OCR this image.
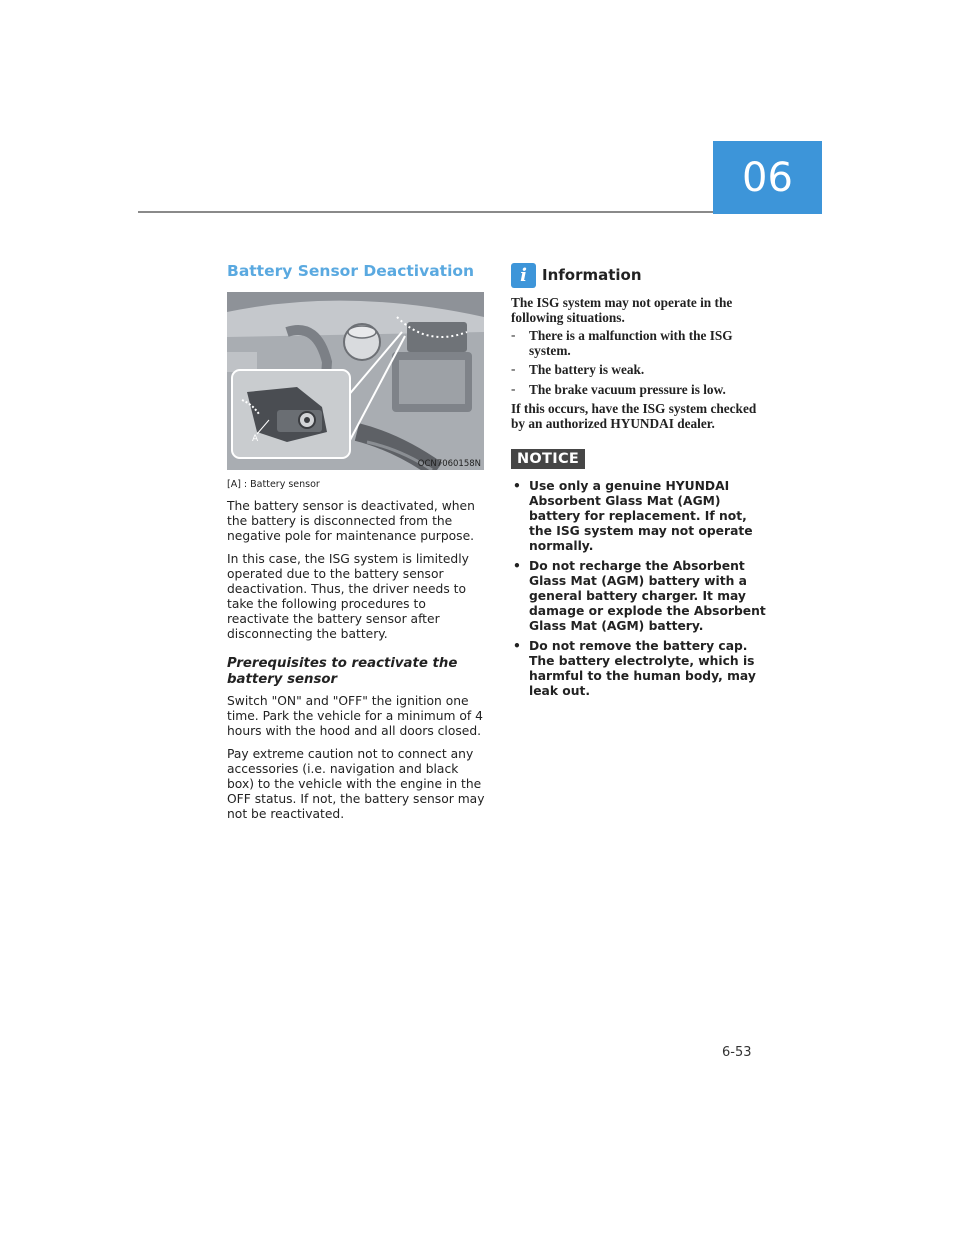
06
Battery Sensor Deactivation
A
OCN7060158N
[A] : Battery sensor

The battery sensor is deactivated, when the battery is disconnected from the negative pole for maintenance purpose.

In this case, the ISG system is limitedly operated due to the battery sensor deactivation. Thus, the driver needs to take the following procedures to reactivate the battery sensor after disconnecting the battery.

Prerequisites to reactivate the battery sensor

Switch "ON" and "OFF" the ignition one time. Park the vehicle for a minimum of 4 hours with the hood and all doors closed.

Pay extreme caution not to connect any accessories (i.e. navigation and black box) to the vehicle with the engine in the OFF status. If not, the battery sensor may not be reactivated.

i	Information
The ISG system may not operate in the following situations.
- There is a malfunction with the ISG system.
- The battery is weak.
- The brake vacuum pressure is low.
If this occurs, have the ISG system checked by an authorized HYUNDAI dealer.
NOTICE
• Use only a genuine HYUNDAI Absorbent Glass Mat (AGM) battery for replacement. If not, the ISG system may not operate normally.
• Do not recharge the Absorbent Glass Mat (AGM) battery with a general battery charger. It may damage or explode the Absorbent Glass Mat (AGM) battery.
• Do not remove the battery cap. The battery electrolyte, which is harmful to the human body, may leak out.
6-53
